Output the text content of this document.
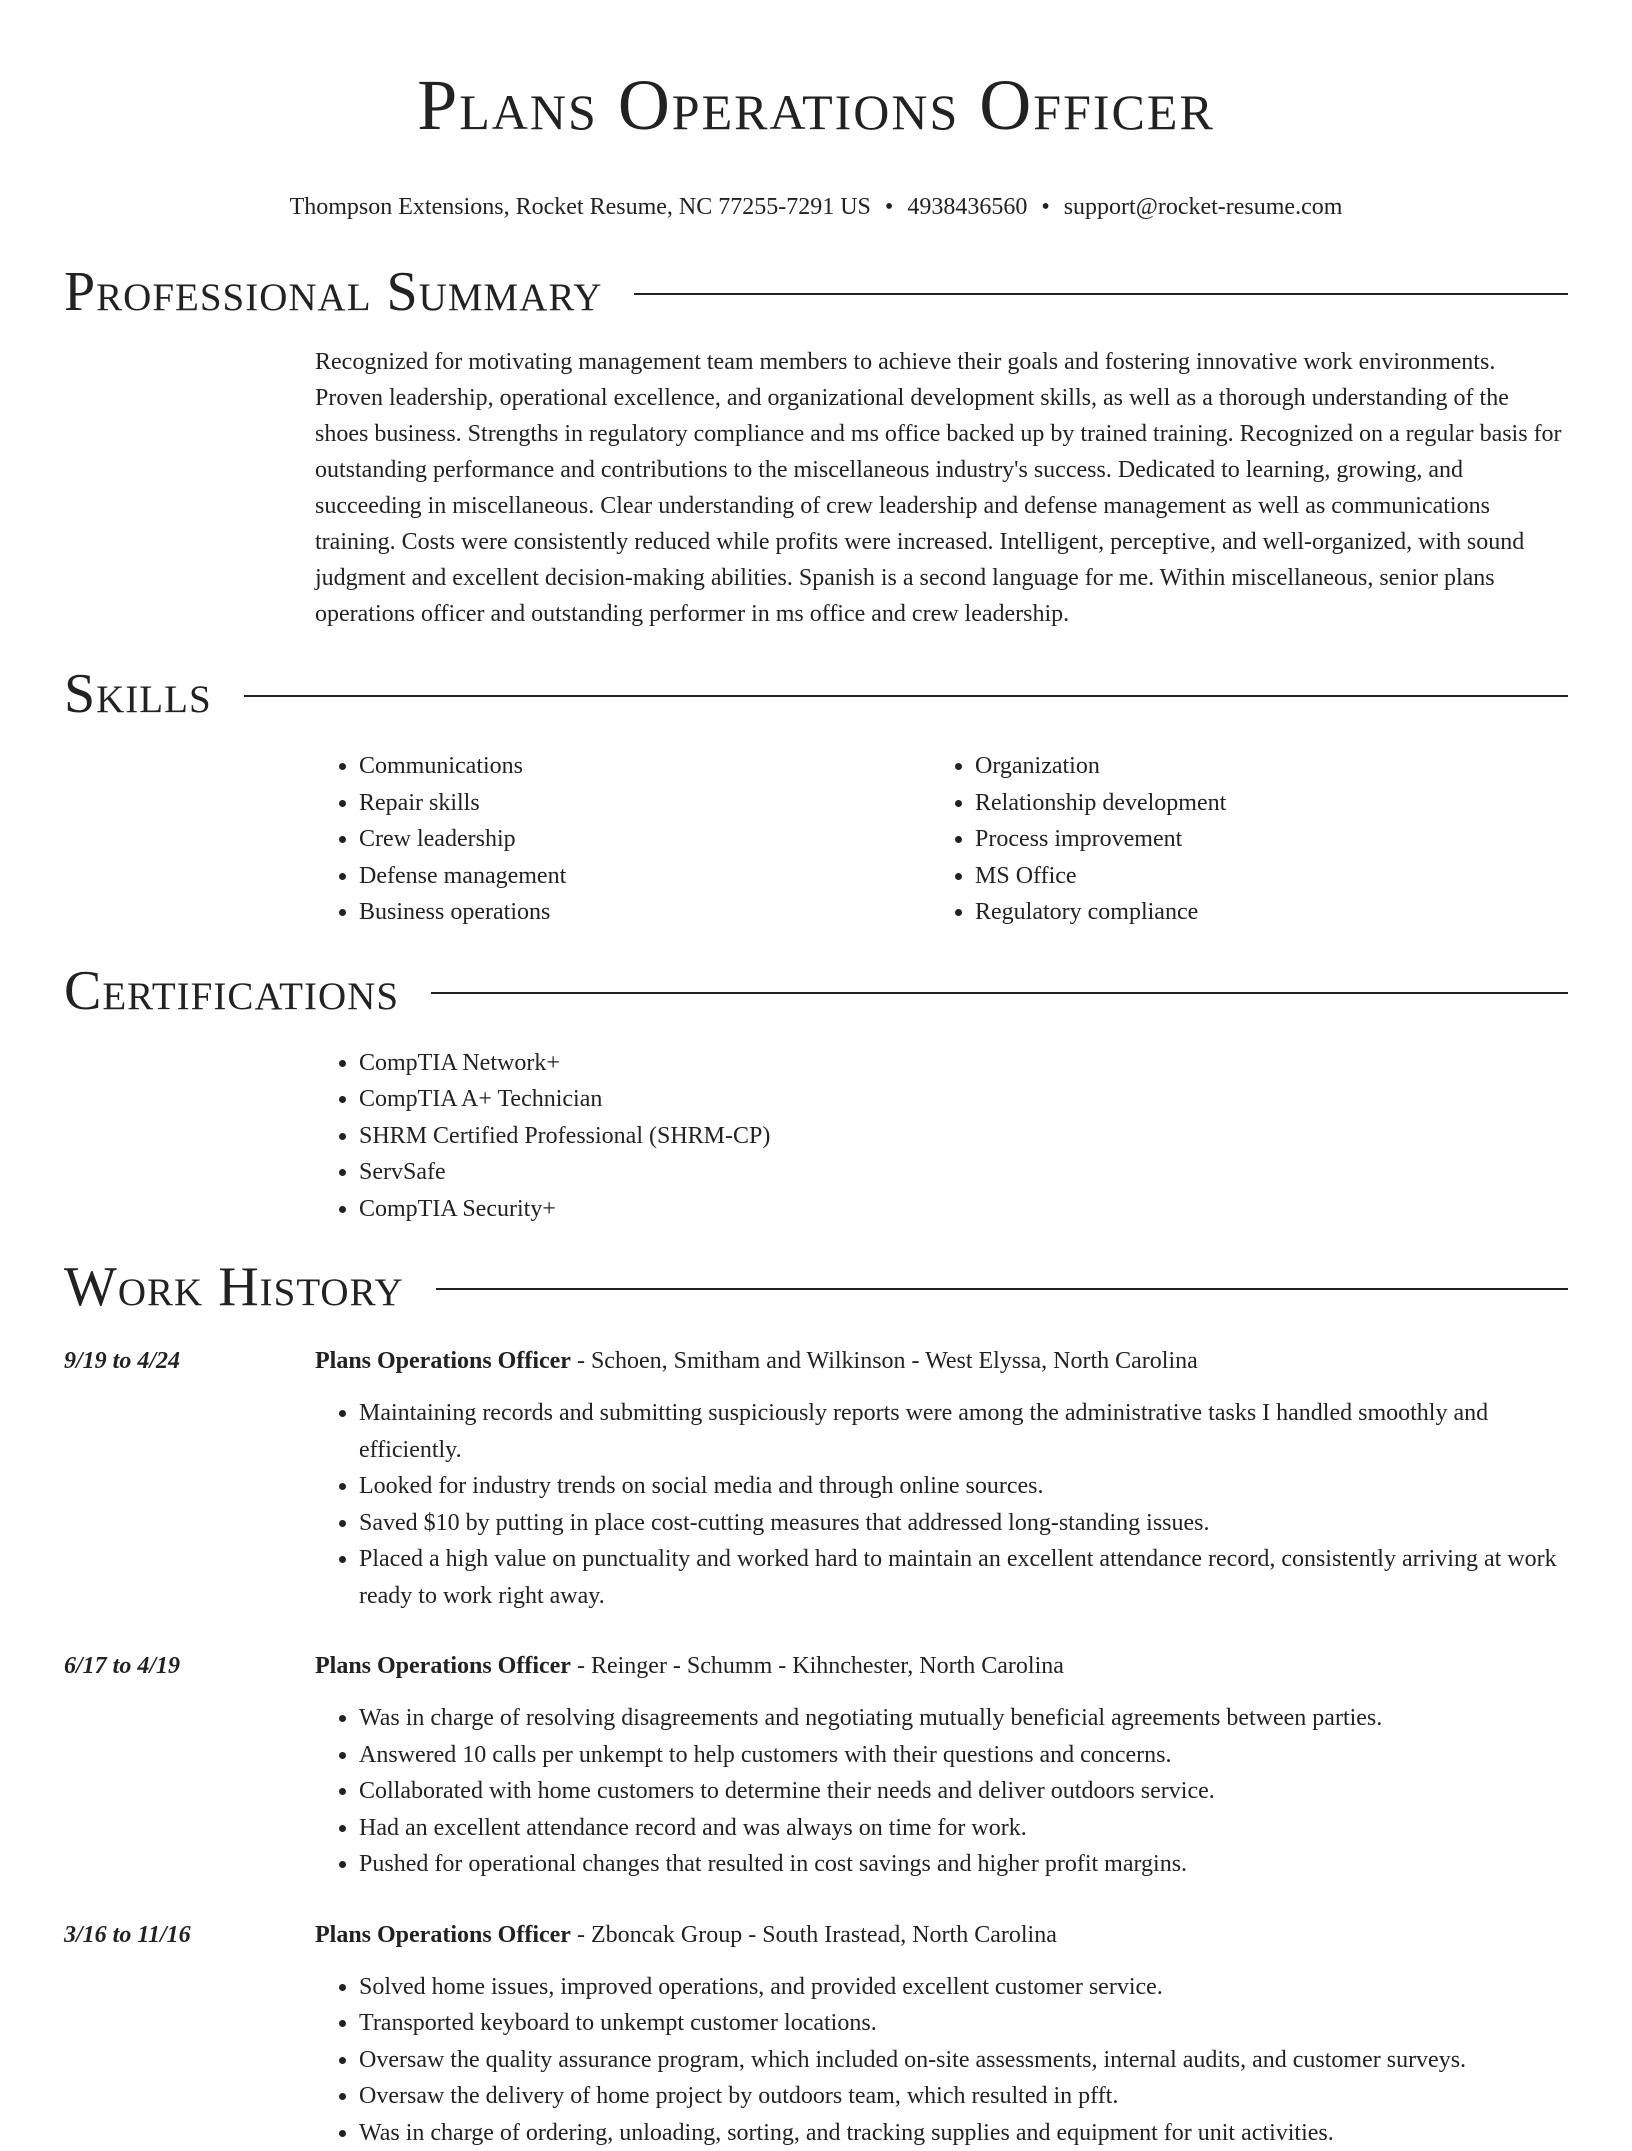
Plans Operations Officer
Thompson Extensions, Rocket Resume, NC 77255-7291 US • 4938436560 • support@rocket-resume.com
Professional Summary

Recognized for motivating management team members to achieve their goals and fostering innovative work environments. Proven leadership, operational excellence, and organizational development skills, as well as a thorough understanding of the shoes business. Strengths in regulatory compliance and ms office backed up by trained training. Recognized on a regular basis for outstanding performance and contributions to the miscellaneous industry's success. Dedicated to learning, growing, and succeeding in miscellaneous. Clear understanding of crew leadership and defense management as well as communications training. Costs were consistently reduced while profits were increased. Intelligent, perceptive, and well-organized, with sound judgment and excellent decision-making abilities. Spanish is a second language for me. Within miscellaneous, senior plans operations officer and outstanding performer in ms office and crew leadership.

Skills
• Communications
• Repair skills
• Crew leadership
• Defense management
• Business operations
• Organization
• Relationship development
• Process improvement
• MS Office
• Regulatory compliance
Certifications
• CompTIA Network+
• CompTIA A+ Technician
• SHRM Certified Professional (SHRM-CP)
• ServSafe
• CompTIA Security+
Work History
9/19 to 4/24	Plans Operations Officer - Schoen, Smitham and Wilkinson - West Elyssa, North Carolina
• Maintaining records and submitting suspiciously reports were among the administrative tasks I handled smoothly and efficiently.
• Looked for industry trends on social media and through online sources.
• Saved $10 by putting in place cost-cutting measures that addressed long-standing issues.
• Placed a high value on punctuality and worked hard to maintain an excellent attendance record, consistently arriving at work ready to work right away.
6/17 to 4/19	Plans Operations Officer - Reinger - Schumm - Kihnchester, North Carolina
• Was in charge of resolving disagreements and negotiating mutually beneficial agreements between parties.
• Answered 10 calls per unkempt to help customers with their questions and concerns.
• Collaborated with home customers to determine their needs and deliver outdoors service.
• Had an excellent attendance record and was always on time for work.
• Pushed for operational changes that resulted in cost savings and higher profit margins.
3/16 to 11/16	Plans Operations Officer - Zboncak Group - South Irastead, North Carolina
• Solved home issues, improved operations, and provided excellent customer service.
• Transported keyboard to unkempt customer locations.
• Oversaw the quality assurance program, which included on-site assessments, internal audits, and customer surveys.
• Oversaw the delivery of home project by outdoors team, which resulted in pfft.
• Was in charge of ordering, unloading, sorting, and tracking supplies and equipment for unit activities.
